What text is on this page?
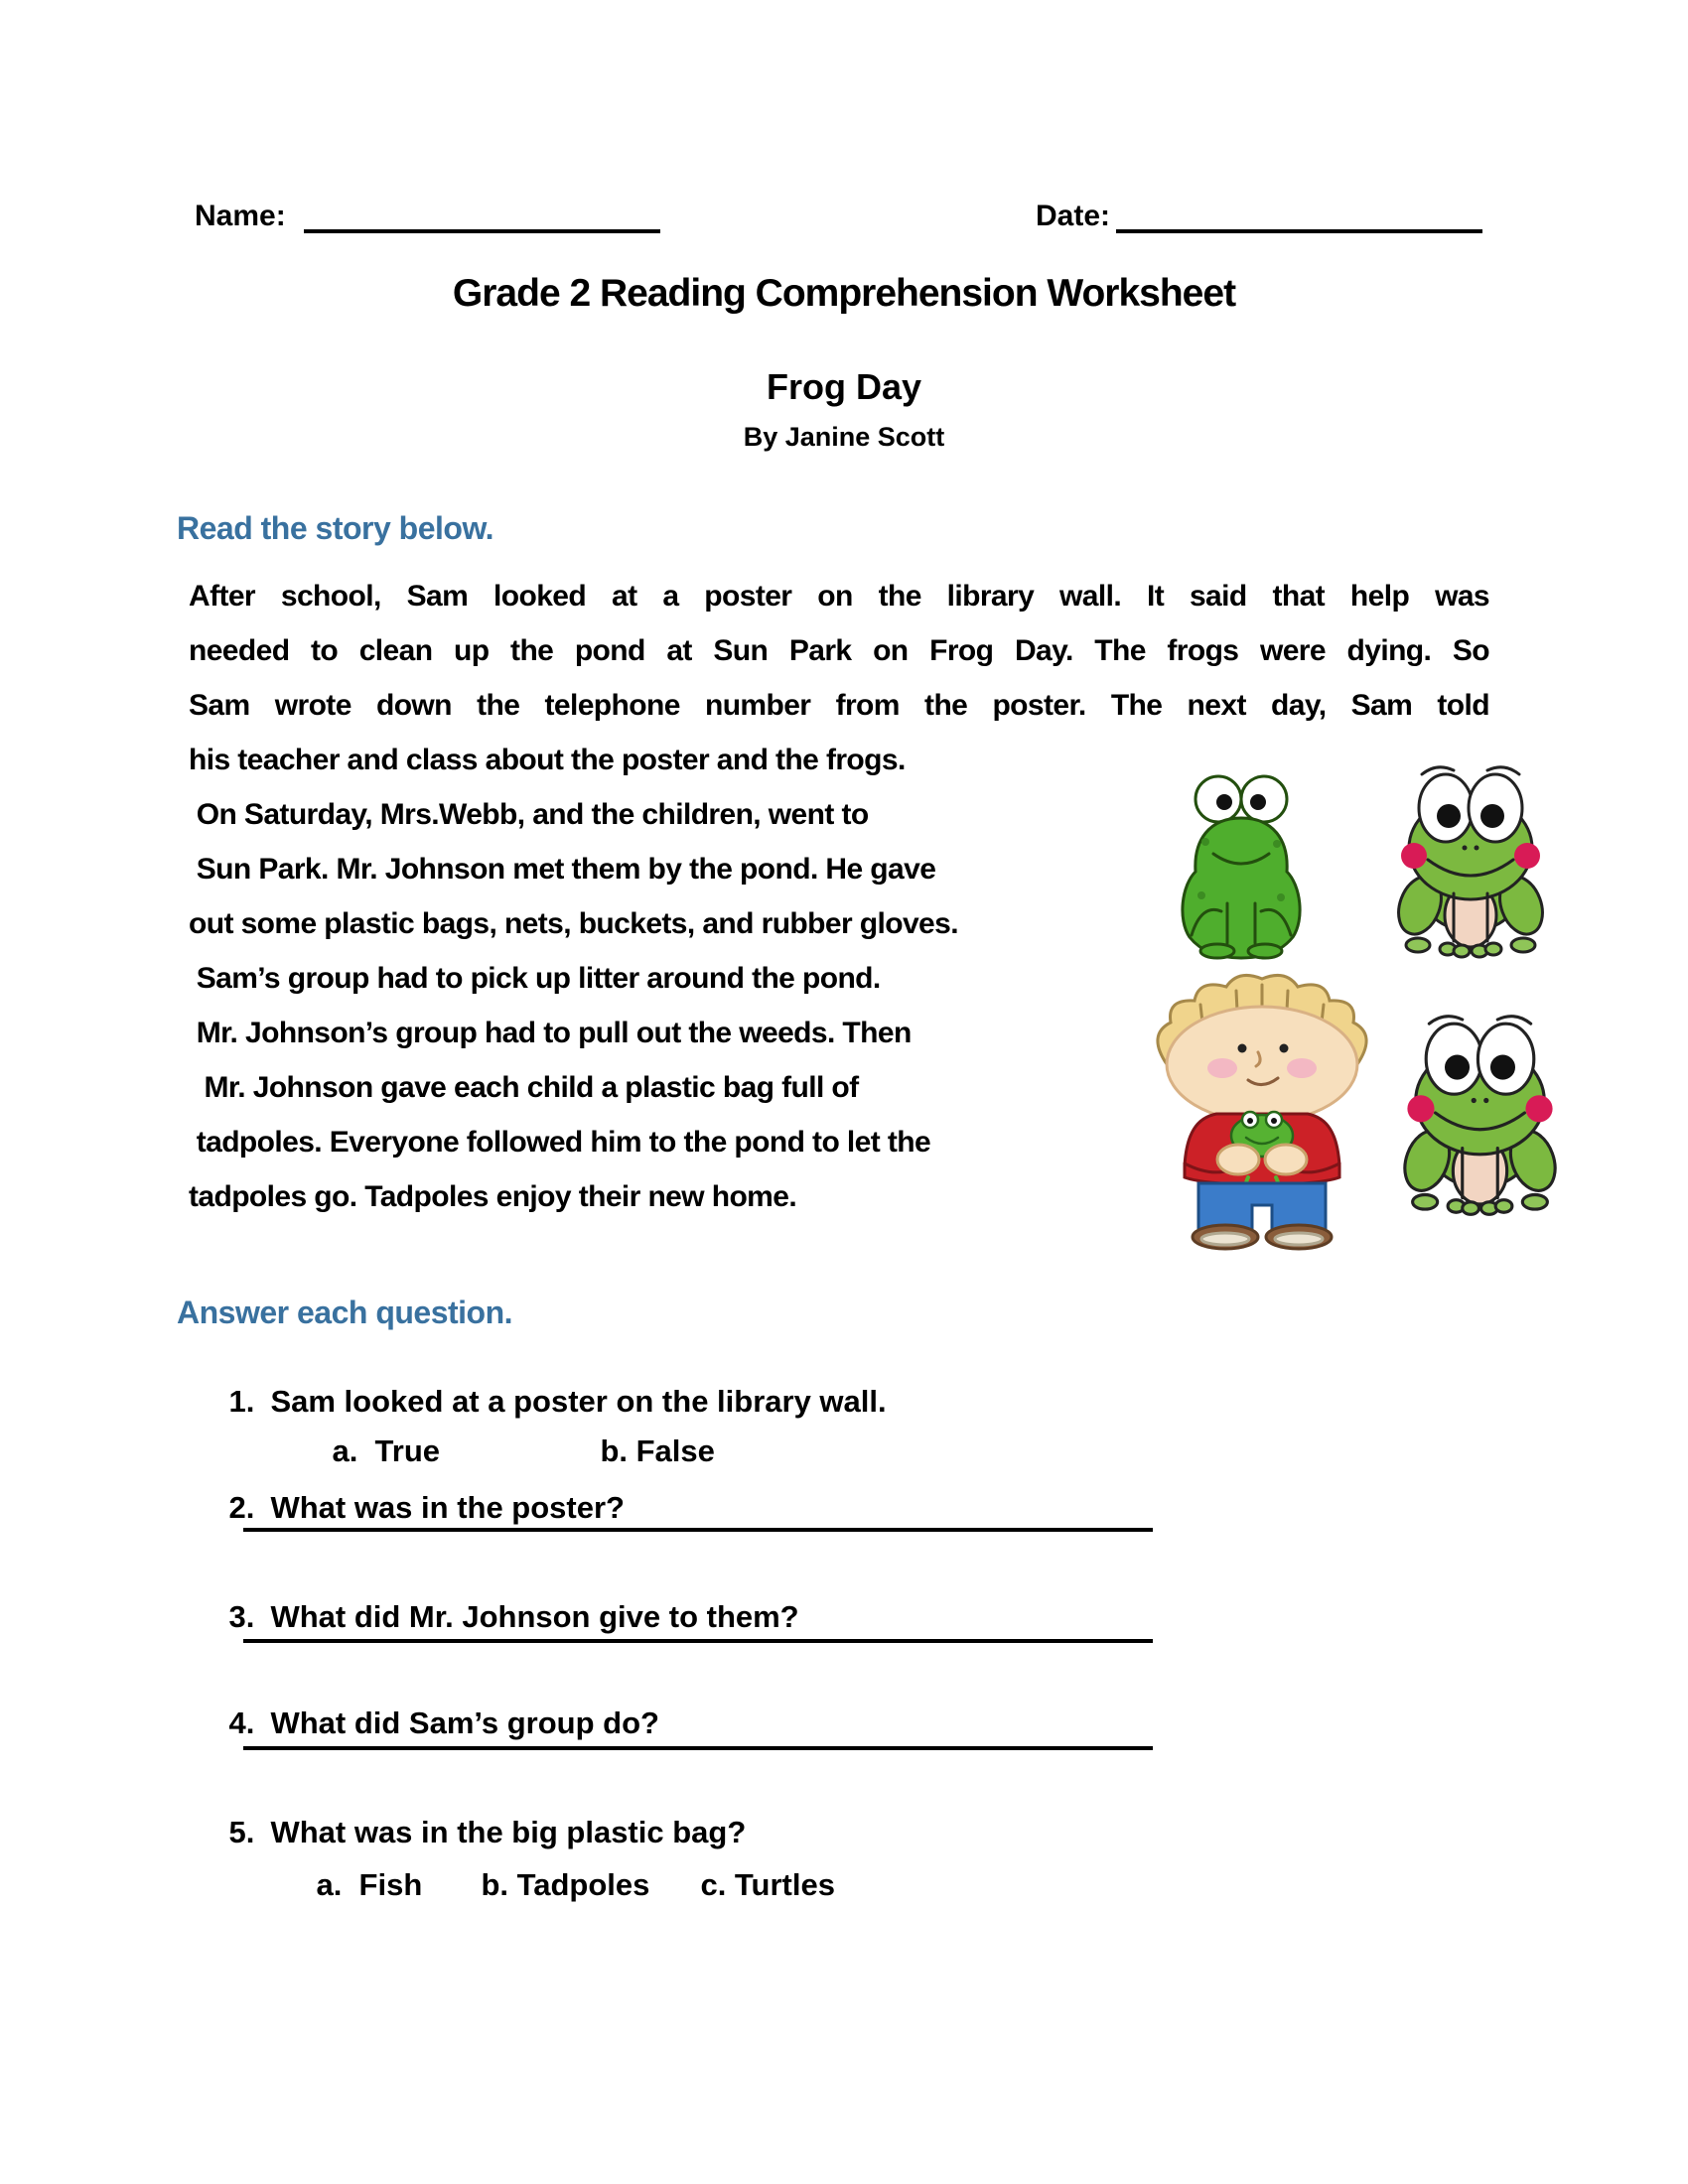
Name:	Date:
Grade 2 Reading Comprehension Worksheet
Frog Day
By Janine Scott
Read the story below.
After school, Sam looked at a poster on the library wall. It said that help was
needed to clean up the pond at Sun Park on Frog Day. The frogs were dying. So
Sam wrote down the telephone number from the poster. The next day, Sam told
his teacher and class about the poster and the frogs.
On Saturday, Mrs.Webb, and the children, went to
Sun Park. Mr. Johnson met them by the pond. He gave
out some plastic bags, nets, buckets, and rubber gloves.
Sam’s group had to pick up litter around the pond.
Mr. Johnson’s group had to pull out the weeds. Then
Mr. Johnson gave each child a plastic bag full of
tadpoles. Everyone followed him to the pond to let the
tadpoles go. Tadpoles enjoy their new home.
Answer each question.

1. Sam looked at a poster on the library wall.

a.  True	b. False

2. What was in the poster?

3. What did Mr. Johnson give to them?

4. What did Sam’s group do?

5. What was in the big plastic bag?

a.  Fish b. Tadpoles c. Turtles
